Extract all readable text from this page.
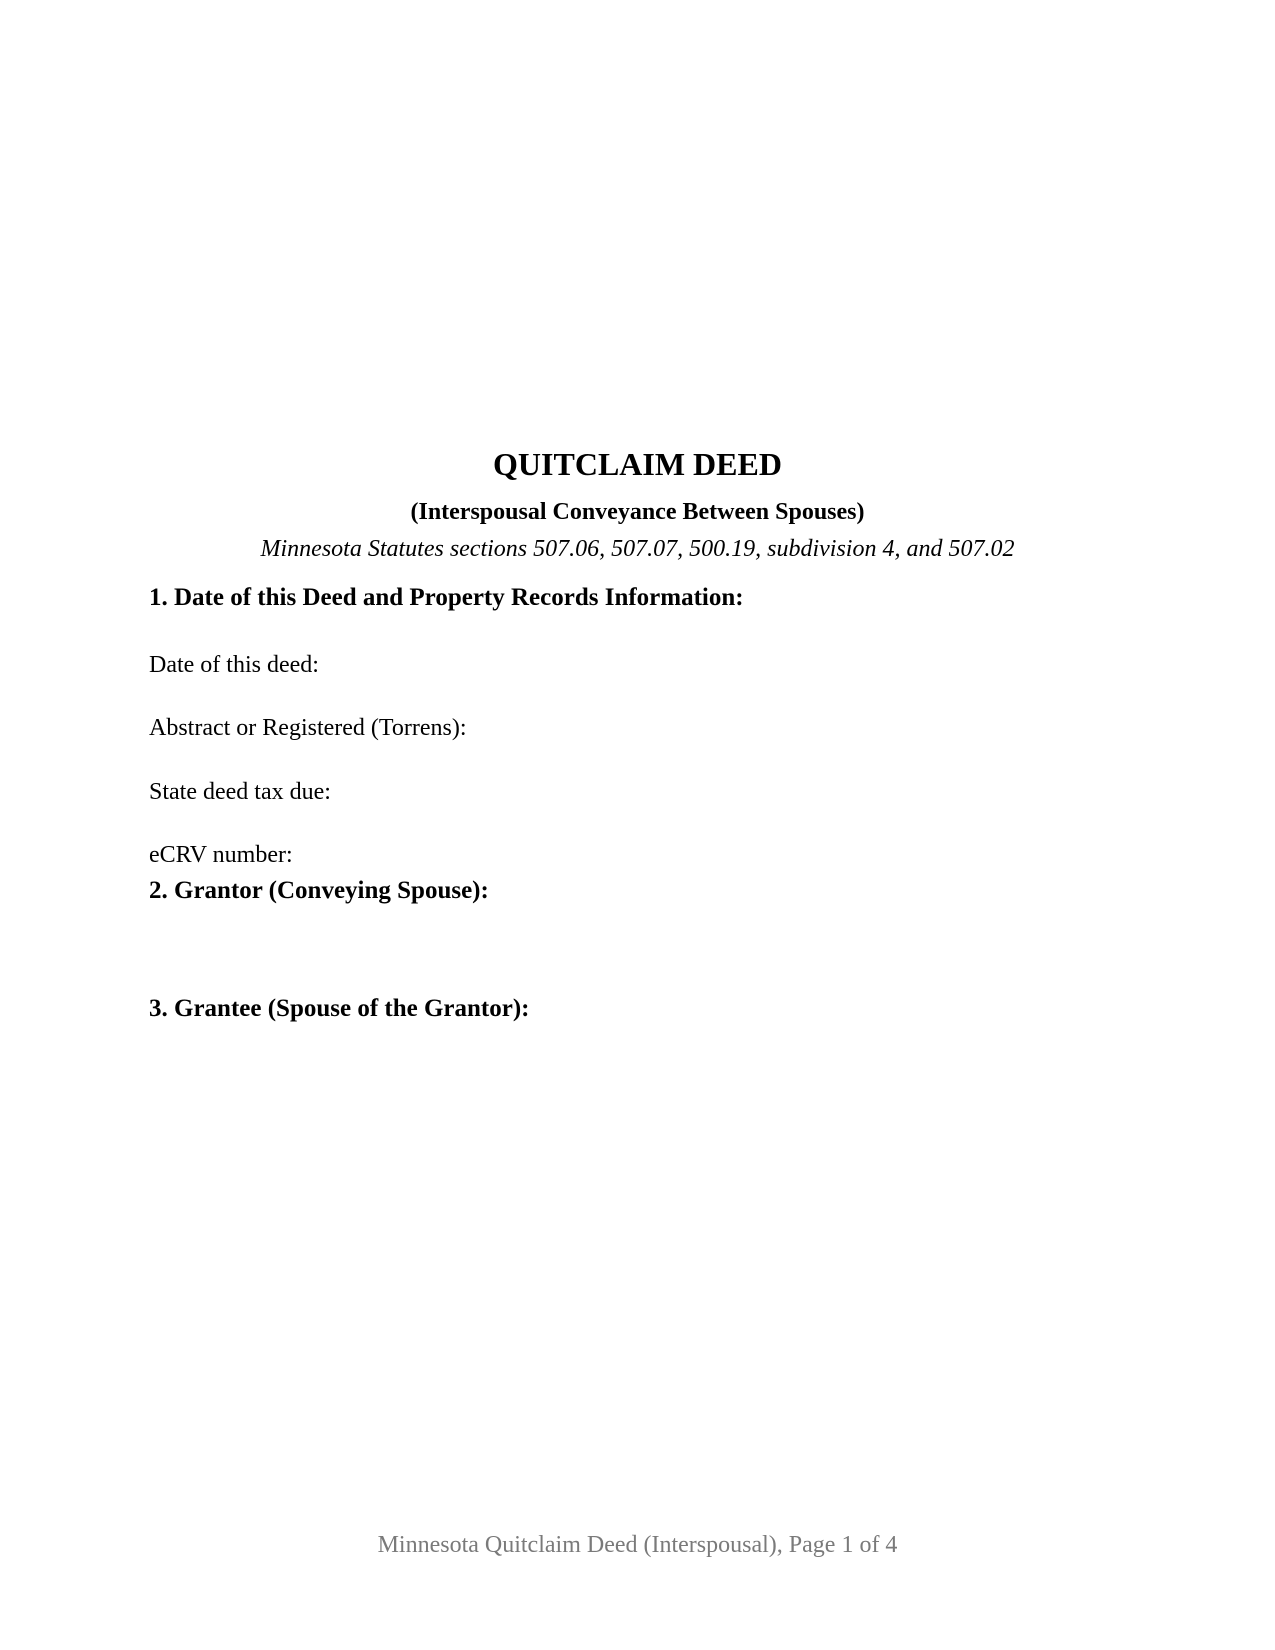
QUITCLAIM DEED
(Interspousal Conveyance Between Spouses)
Minnesota Statutes sections 507.06, 507.07, 500.19, subdivision 4, and 507.02
1. Date of this Deed and Property Records Information:
Date of this deed:
Abstract or Registered (Torrens):
State deed tax due:
eCRV number:
2. Grantor (Conveying Spouse):
3. Grantee (Spouse of the Grantor):
Minnesota Quitclaim Deed (Interspousal), Page 1 of 4
